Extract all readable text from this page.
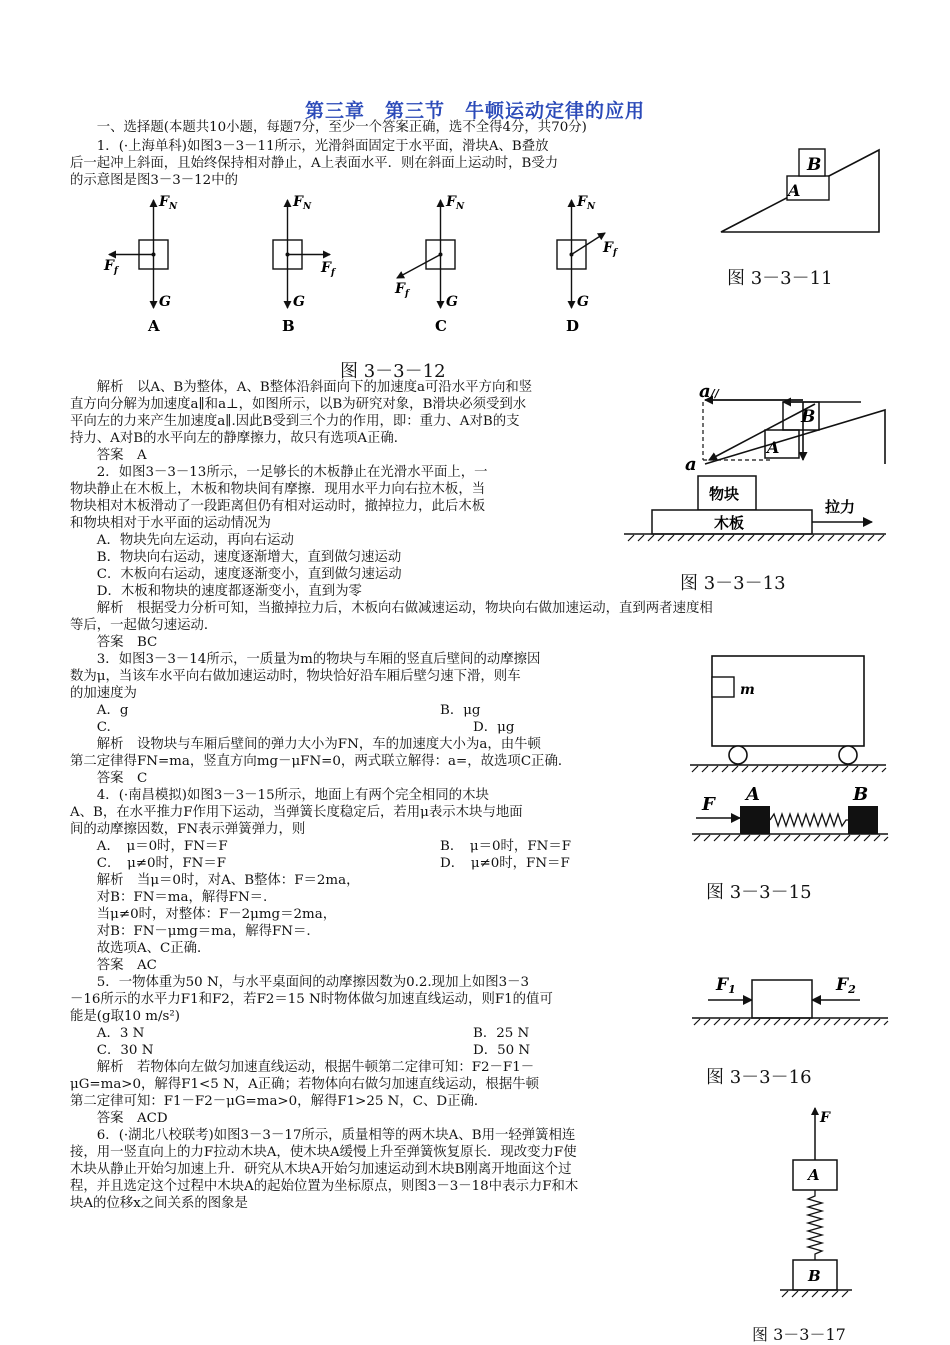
第三章　第三节　牛顿运动定律的应用
　　一、选择题(本题共10小题，每题7分，至少一个答案正确，选不全得4分，共70分)
　　1．(·上海单科)如图3－3－11所示，光滑斜面固定于水平面，滑块A、B叠放
后一起冲上斜面，且始终保持相对静止，A上表面水平．则在斜面上运动时，B受力
的示意图是图3－3－12中的
　　解析　以A、B为整体，A、B整体沿斜面向下的加速度a可沿水平方向和竖
直方向分解为加速度a∥和a⊥，如图所示，以B为研究对象，B滑块必须受到水
平向左的力来产生加速度a∥.因此B受到三个力的作用，即：重力、A对B的支
持力、A对B的水平向左的静摩擦力，故只有选项A正确．
　　答案　A
　　2．如图3－3－13所示，一足够长的木板静止在光滑水平面上，一
物块静止在木板上，木板和物块间有摩擦．现用水平力向右拉木板，当
物块相对木板滑动了一段距离但仍有相对运动时，撤掉拉力，此后木板
和物块相对于水平面的运动情况为
　　A．物块先向左运动，再向右运动
　　B．物块向右运动，速度逐渐增大，直到做匀速运动
　　C．木板向右运动，速度逐渐变小，直到做匀速运动
　　D．木板和物块的速度都逐渐变小，直到为零
　　解析　根据受力分析可知，当撤掉拉力后，木板向右做减速运动，物块向右做加速运动，直到两者速度相
等后，一起做匀速运动．
　　答案　BC
　　3．如图3－3－14所示，一质量为m的物块与车厢的竖直后壁间的动摩擦因
数为μ，当该车水平向右做加速运动时，物块恰好沿车厢后壁匀速下滑，则车
的加速度为
　　A．g	B．μg
　　C.	D．μg
　　解析　设物块与车厢后壁间的弹力大小为FN，车的加速度大小为a，由牛顿
第二定律得FN=ma，竖直方向mg－μFN=0，两式联立解得：a=，故选项C正确．
　　答案　C
　　4．(·南昌模拟)如图3－3－15所示，地面上有两个完全相同的木块
A、B，在水平推力F作用下运动，当弹簧长度稳定后，若用μ表示木块与地面
间的动摩擦因数，FN表示弹簧弹力，则
　　A．　μ＝0时，FN＝F	B．　μ＝0时，FN＝F
　　C．　μ≠0时，FN＝F	D．　μ≠0时，FN＝F
　　解析　当μ＝0时，对A、B整体：F＝2ma，
　　对B：FN＝ma，解得FN＝.
　　当μ≠0时，对整体：F－2μmg＝2ma，
　　对B：FN－μmg＝ma，解得FN＝.
　　故选项A、C正确．
　　答案　AC
　　5．一物体重为50 N，与水平桌面间的动摩擦因数为0.2.现加上如图3－3
－16所示的水平力F1和F2，若F2＝15 N时物体做匀加速直线运动，则F1的值可
能是(g取10 m/s²)
　　A．3 N	B．25 N
　　C．30 N	D．50 N
　　解析　若物体向左做匀加速直线运动，根据牛顿第二定律可知：F2－F1－
μG=ma>0，解得F1<5 N，A正确；若物体向右做匀加速直线运动，根据牛顿
第二定律可知：F1－F2－μG=ma>0，解得F1>25 N，C、D正确．
　　答案　ACD
　　6．(·湖北八校联考)如图3－3－17所示，质量相等的两木块A、B用一轻弹簧相连
接，用一竖直向上的力F拉动木块A，使木块A缓慢上升至弹簧恢复原长．现改变力F使
木块从静止开始匀加速上升．研究从木块A开始匀加速运动到木块B刚离开地面这个过
程，并且选定这个过程中木块A的起始位置为坐标原点，则图3－3－18中表示力F和木
块A的位移x之间关系的图象是
B
A
图 3－3－11
$F_N$
$F_f$
G
A
$F_N$
$F_f$
G
B
$F_N$
$F_f$	G
C
$F_N$
$F_f$
G
D
图 3－3－12
a//
a
B
A
物块
木板
拉力
图 3－3－13
m
F A	B
图 3－3－15
F1	F2
图 3－3－16
F
A
B
图 3－3－17
